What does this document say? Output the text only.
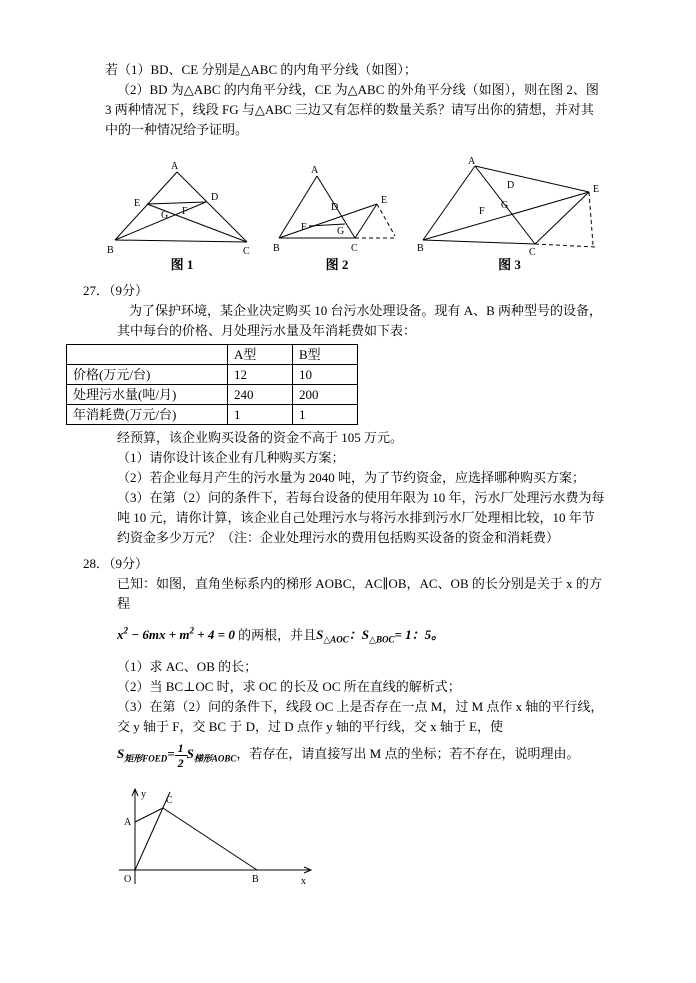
若（1）BD、CE 分别是△ABC 的内角平分线（如图）；

（2）BD 为△ABC 的内角平分线，CE 为△ABC 的外角平分线（如图），则在图 2、图 3 两种情况下，线段 FG 与△ABC 三边又有怎样的数量关系？请写出你的猜想，并对其中的一种情况给予证明。

A
E
D
G F
B	C
图 1
A
D
E
F	G
B	C
图 2
A
D	E
F
G
B	C
图 3

27．（9分）

为了保护环境，某企业决定购买 10 台污水处理设备。现有 A、B 两种型号的设备，其中每台的价格、月处理污水量及年消耗费如下表：

	A型	B型
价格(万元/台)	12	10
处理污水量(吨/月)	240	200
年消耗费(万元/台)	1	1

经预算，该企业购买设备的资金不高于 105 万元。

（1）请你设计该企业有几种购买方案；

（2）若企业每月产生的污水量为 2040 吨，为了节约资金，应选择哪种购买方案；

（3）在第（2）问的条件下，若每台设备的使用年限为 10 年，污水厂处理污水费为每吨 10 元，请你计算，该企业自己处理污水与将污水排到污水厂处理相比较，10 年节约资金多少万元？（注：企业处理污水的费用包括购买设备的资金和消耗费）

28．（9分）

已知：如图，直角坐标系内的梯形 AOBC，AC∥OB，AC、OB 的长分别是关于 x 的方程

$x^2 - 6mx + m^2 + 4 = 0$ 的两根，并且$S_{\triangle AOC}$：$S_{\triangle BOC}= 1$：5。

（1）求 AC、OB 的长；

（2）当 BC⊥OC 时，求 OC 的长及 OC 所在直线的解析式；

（3）在第（2）问的条件下，线段 OC 上是否存在一点 M，过 M 点作 x 轴的平行线，交 y 轴于 F，交 BC 于 D，过 D 点作 y 轴的平行线，交 x 轴于 E，使

$S_{矩形FOED}= \frac{1}{2} S_{梯形AOBC}$，若存在，请直接写出 M 点的坐标；若不存在，说明理由。

y
C
A
O	B	x
